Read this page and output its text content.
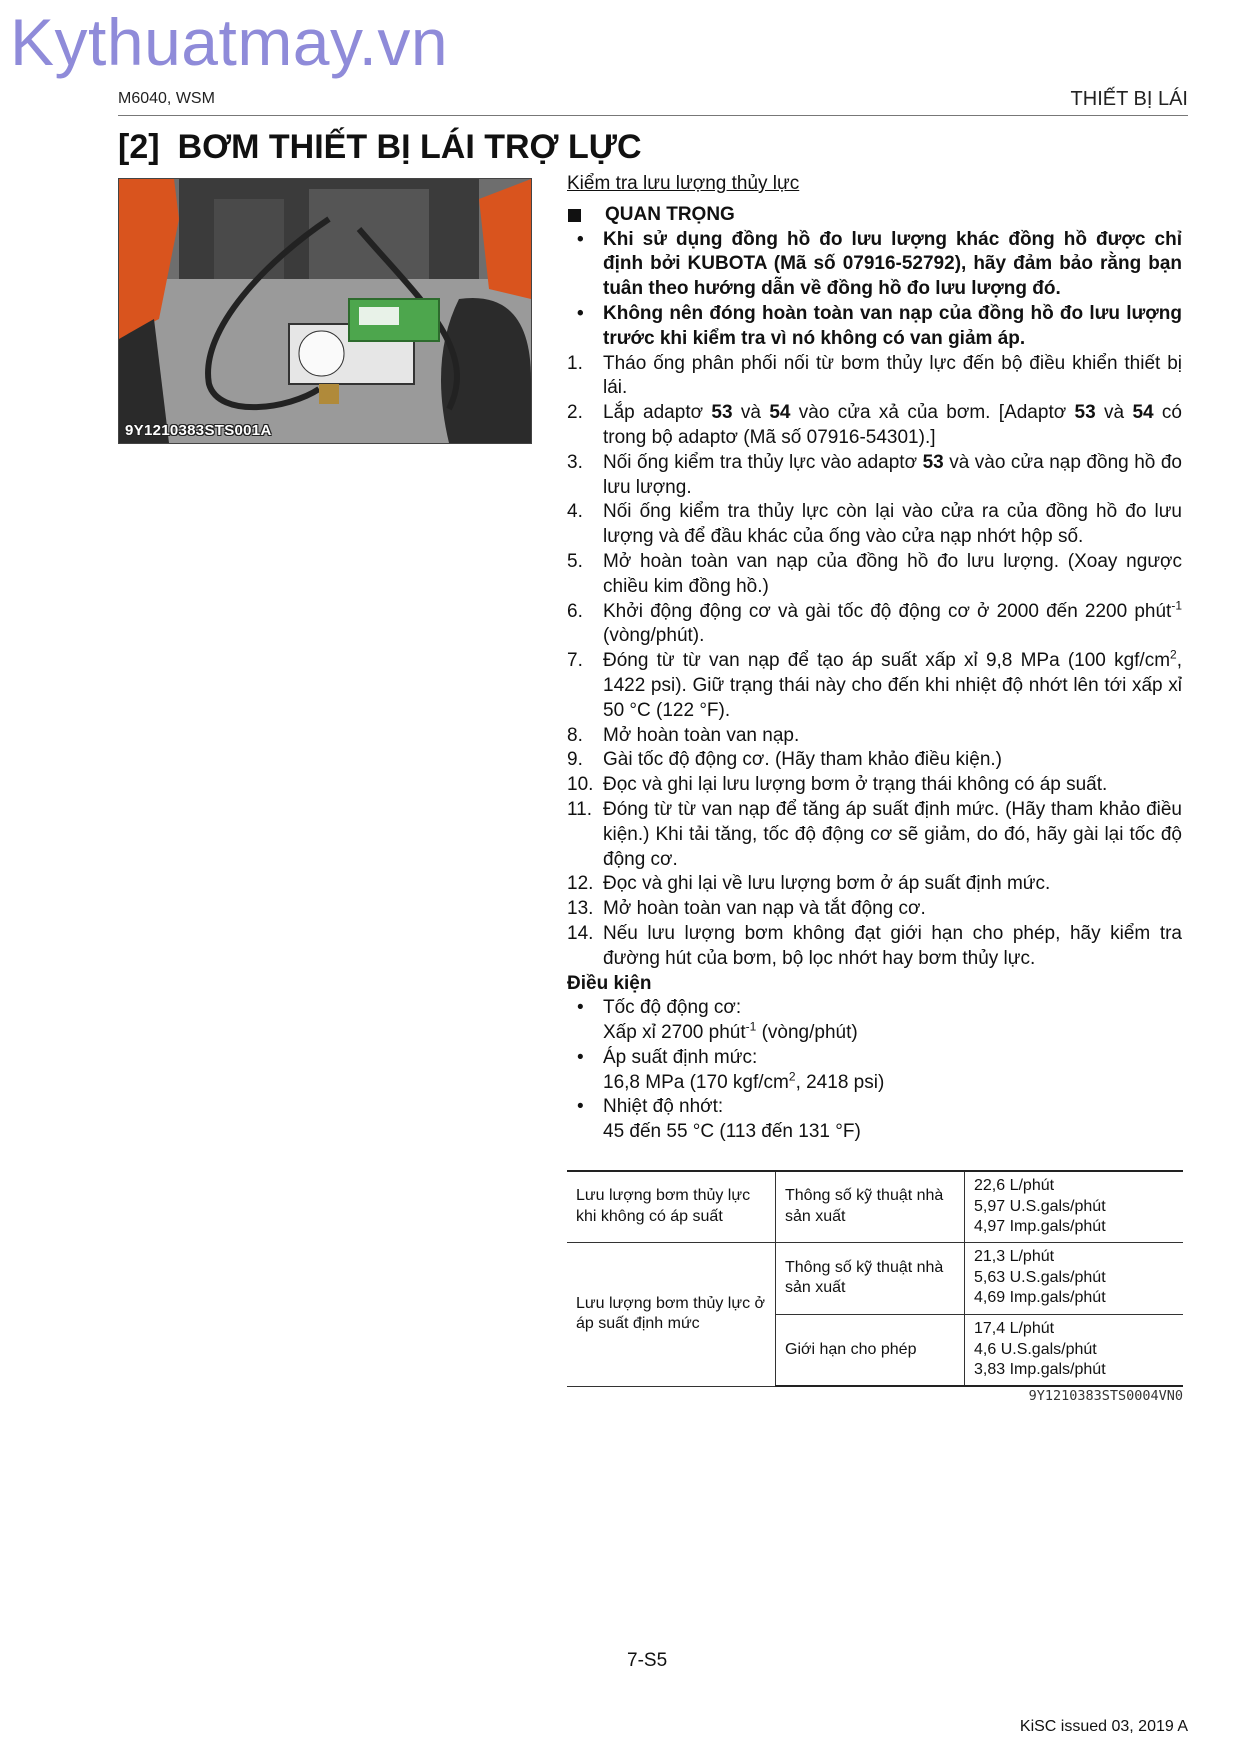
Kythuatmay.vn
M6040, WSM	THIẾT BỊ LÁI
[2] BƠM THIẾT BỊ LÁI TRỢ LỰC
9Y1210383STS001A
Kiểm tra lưu lượng thủy lực
QUAN TRỌNG
•	Khi sử dụng đồng hồ đo lưu lượng khác đồng hồ được chỉ định bởi KUBOTA (Mã số 07916-52792), hãy đảm bảo rằng bạn tuân theo hướng dẫn về đồng hồ đo lưu lượng đó.
•	Không nên đóng hoàn toàn van nạp của đồng hồ đo lưu lượng trước khi kiểm tra vì nó không có van giảm áp.
1.	Tháo ống phân phối nối từ bơm thủy lực đến bộ điều khiển thiết bị lái.
2.	Lắp adaptơ 53 và 54 vào cửa xả của bơm. [Adaptơ 53 và 54 có trong bộ adaptơ (Mã số 07916-54301).]
3.	Nối ống kiểm tra thủy lực vào adaptơ 53 và vào cửa nạp đồng hồ đo lưu lượng.
4.	Nối ống kiểm tra thủy lực còn lại vào cửa ra của đồng hồ đo lưu lượng và để đầu khác của ống vào cửa nạp nhớt hộp số.
5.	Mở hoàn toàn van nạp của đồng hồ đo lưu lượng. (Xoay ngược chiều kim đồng hồ.)
6.	Khởi động động cơ và gài tốc độ động cơ ở 2000 đến 2200 phút$^{-1}$ (vòng/phút).
7.	Đóng từ từ van nạp để tạo áp suất xấp xỉ 9,8 MPa (100 kgf/$cm^2$, 1422 psi). Giữ trạng thái này cho đến khi nhiệt độ nhớt lên tới xấp xỉ 50 °C (122 °F).
8.	Mở hoàn toàn van nạp.
9.	Gài tốc độ động cơ. (Hãy tham khảo điều kiện.)
10. Đọc và ghi lại lưu lượng bơm ở trạng thái không có áp suất.
11. Đóng từ từ van nạp để tăng áp suất định mức. (Hãy tham khảo điều kiện.) Khi tải tăng, tốc độ động cơ sẽ giảm, do đó, hãy gài lại tốc độ động cơ.
12. Đọc và ghi lại về lưu lượng bơm ở áp suất định mức.
13. Mở hoàn toàn van nạp và tắt động cơ.
14. Nếu lưu lượng bơm không đạt giới hạn cho phép, hãy kiểm tra đường hút của bơm, bộ lọc nhớt hay bơm thủy lực.
Điều kiện
•	Tốc độ động cơ:
Xấp xỉ 2700 phút$^{-1}$ (vòng/phút)
•	Áp suất định mức:
16,8 MPa (170 kgf/$cm^2$, 2418 psi)
•	Nhiệt độ nhớt:
45 đến 55 °C (113 đến 131 °F)
Lưu lượng bơm thủy lực khi không có áp suất	Thông số kỹ thuật nhà sản xuất	22,6 L/phút
5,97 U.S.gals/phút
4,97 Imp.gals/phút
Lưu lượng bơm thủy lực ở áp suất định mức	Thông số kỹ thuật nhà sản xuất	21,3 L/phút
5,63 U.S.gals/phút
4,69 Imp.gals/phút
	Giới hạn cho phép	17,4 L/phút
4,6 U.S.gals/phút
3,83 Imp.gals/phút
9Y1210383STS0004VN0
7-S5
KiSC issued 03, 2019 A
